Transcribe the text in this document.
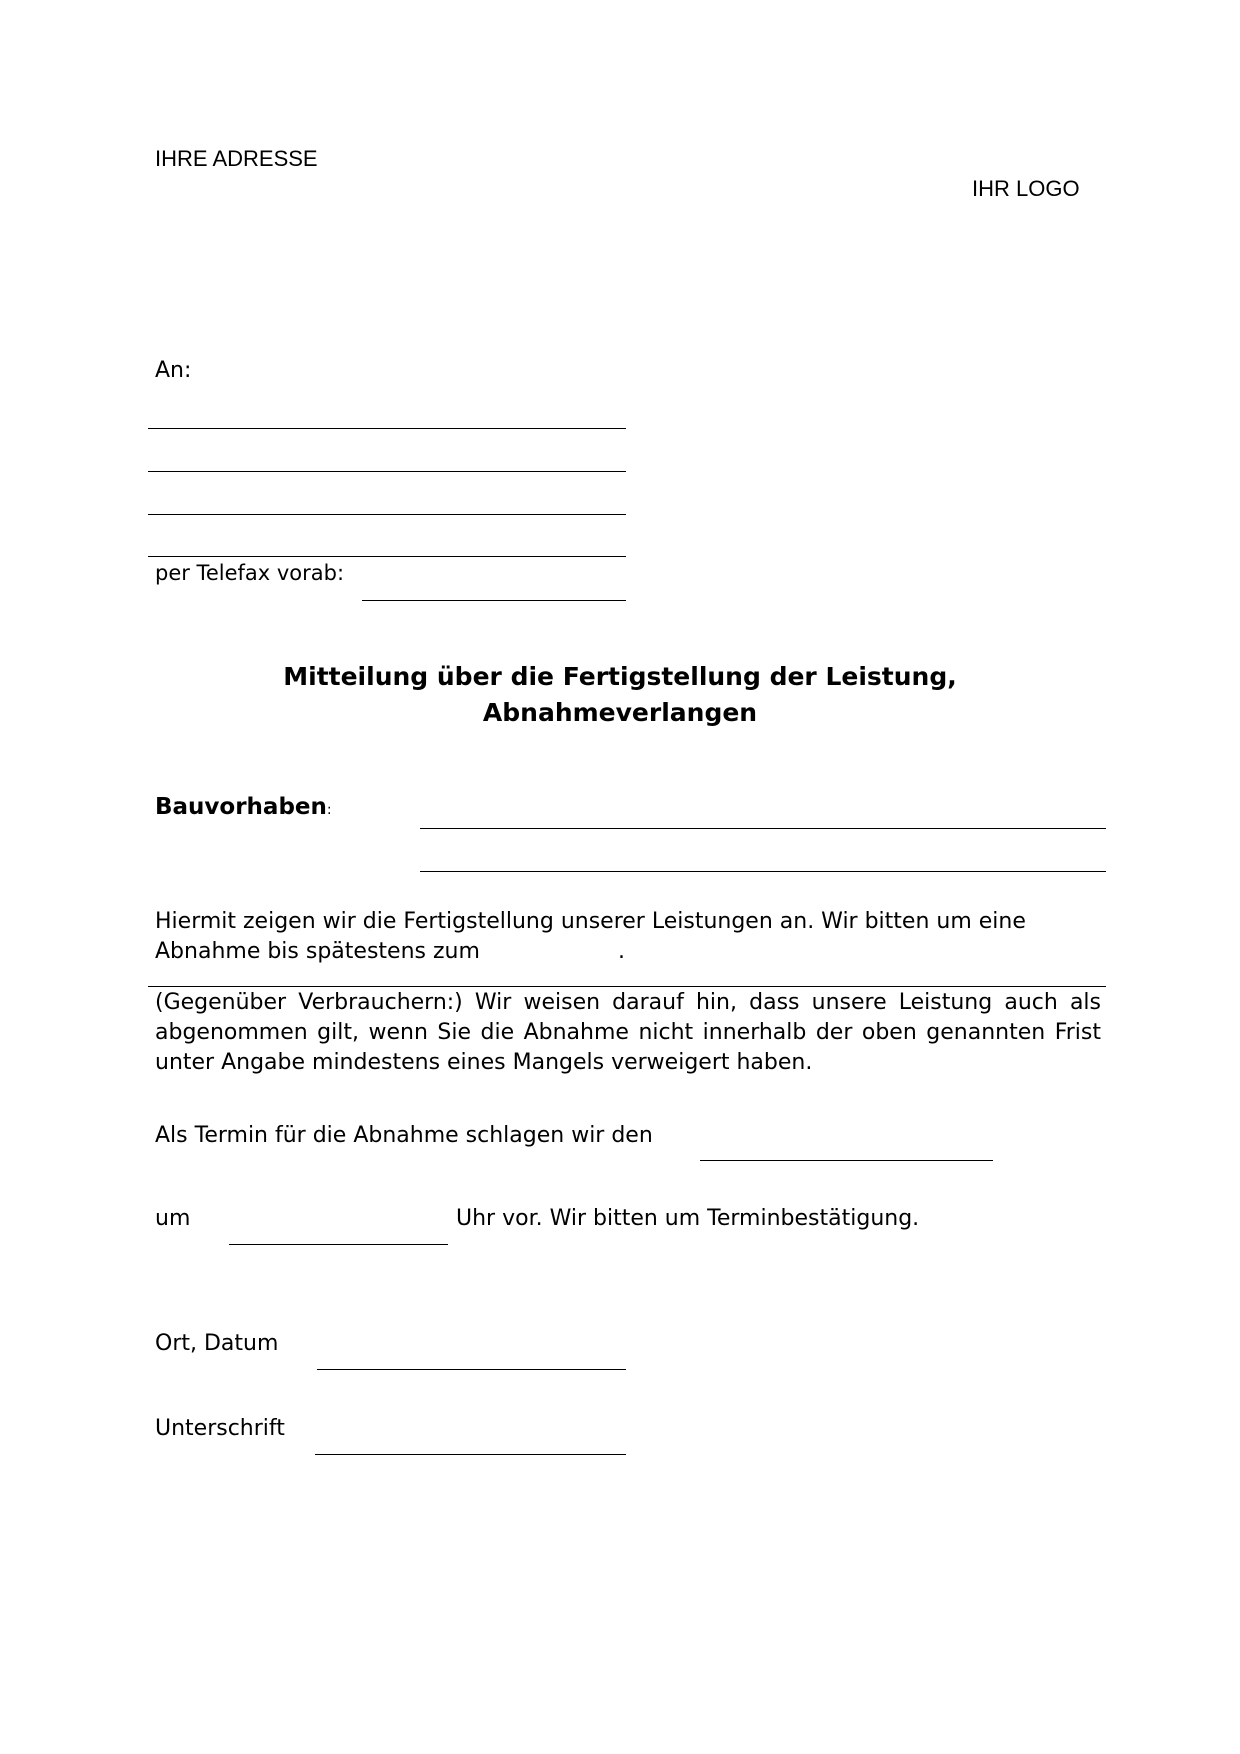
IHRE ADRESSE
IHR LOGO
An:
per Telefax vorab:
Mitteilung über die Fertigstellung der Leistung,
Abnahmeverlangen
Bauvorhaben:
Hiermit zeigen wir die Fertigstellung unserer Leistungen an. Wir bitten um eine
Abnahme bis spätestens zum	.
(Gegenüber Verbrauchern:) Wir weisen darauf hin, dass unsere Leistung auch als abgenommen gilt, wenn Sie die Abnahme nicht innerhalb der oben genannten Frist unter Angabe mindestens eines Mangels verweigert haben.
Als Termin für die Abnahme schlagen wir den
um	Uhr vor. Wir bitten um Terminbestätigung.
Ort, Datum
Unterschrift
